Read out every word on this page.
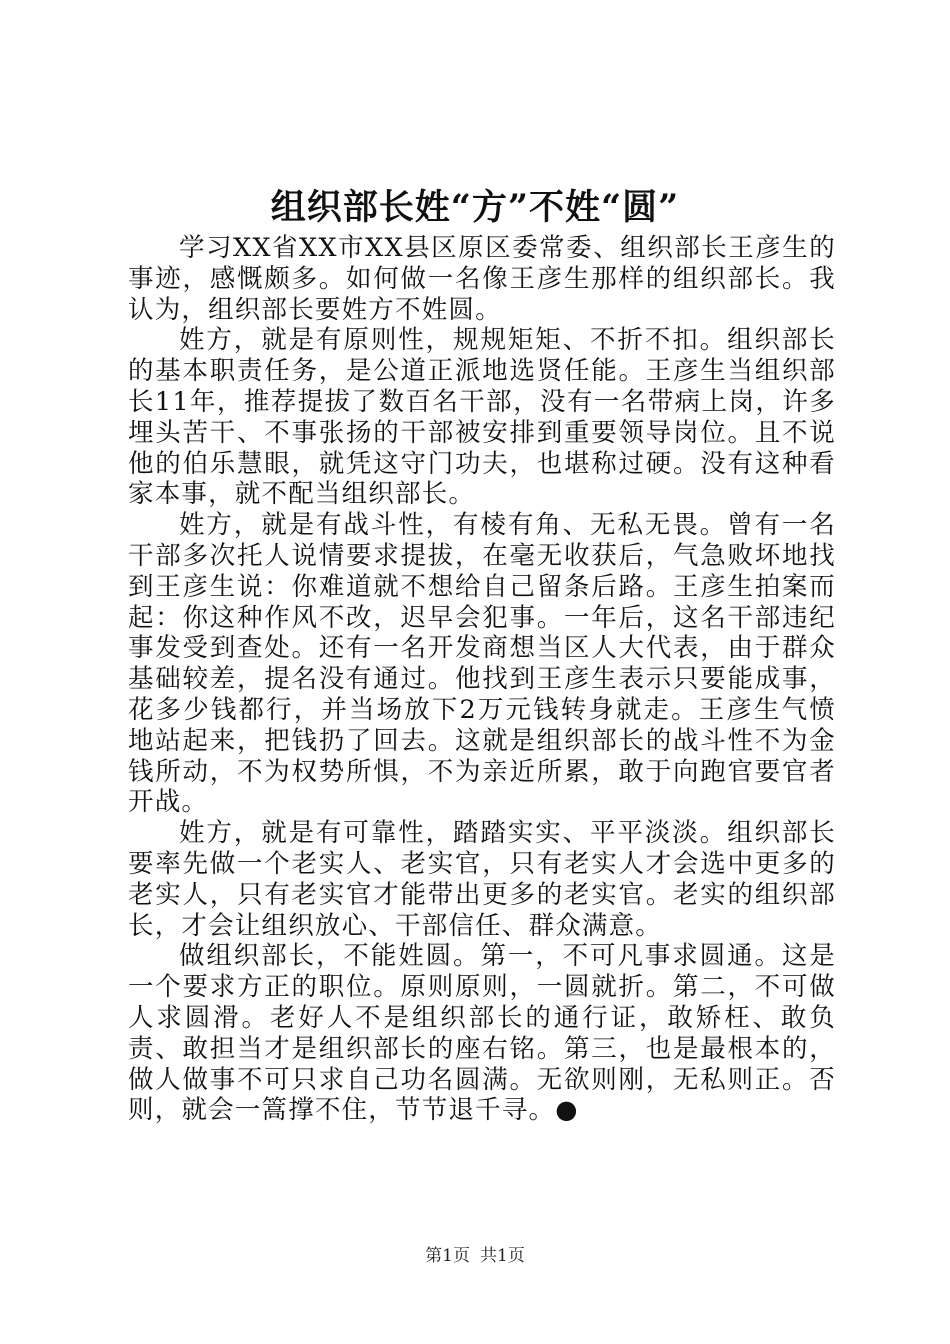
组织部长姓“方”不姓“圆”

学习XX省XX市XX县区原区委常委、组织部长王彦生的事迹，感慨颇多。如何做一名像王彦生那样的组织部长。我认为，组织部长要姓方不姓圆。

姓方，就是有原则性，规规矩矩、不折不扣。组织部长的基本职责任务，是公道正派地选贤任能。王彦生当组织部长11年，推荐提拔了数百名干部，没有一名带病上岗，许多埋头苦干、不事张扬的干部被安排到重要领导岗位。且不说他的伯乐慧眼，就凭这守门功夫，也堪称过硬。没有这种看家本事，就不配当组织部长。

姓方，就是有战斗性，有棱有角、无私无畏。曾有一名干部多次托人说情要求提拔，在毫无收获后，气急败坏地找到王彦生说：你难道就不想给自己留条后路。王彦生拍案而起：你这种作风不改，迟早会犯事。一年后，这名干部违纪事发受到查处。还有一名开发商想当区人大代表，由于群众基础较差，提名没有通过。他找到王彦生表示只要能成事，花多少钱都行，并当场放下2万元钱转身就走。王彦生气愤地站起来，把钱扔了回去。这就是组织部长的战斗性不为金钱所动，不为权势所惧，不为亲近所累，敢于向跑官要官者开战。

姓方，就是有可靠性，踏踏实实、平平淡淡。组织部长要率先做一个老实人、老实官，只有老实人才会选中更多的老实人，只有老实官才能带出更多的老实官。老实的组织部长，才会让组织放心、干部信任、群众满意。

做组织部长，不能姓圆。第一，不可凡事求圆通。这是一个要求方正的职位。原则原则，一圆就折。第二，不可做人求圆滑。老好人不是组织部长的通行证，敢矫枉、敢负责、敢担当才是组织部长的座右铭。第三，也是最根本的，做人做事不可只求自己功名圆满。无欲则刚，无私则正。否则，就会一篙撑不住，节节退千寻。●

第1页 共1页
